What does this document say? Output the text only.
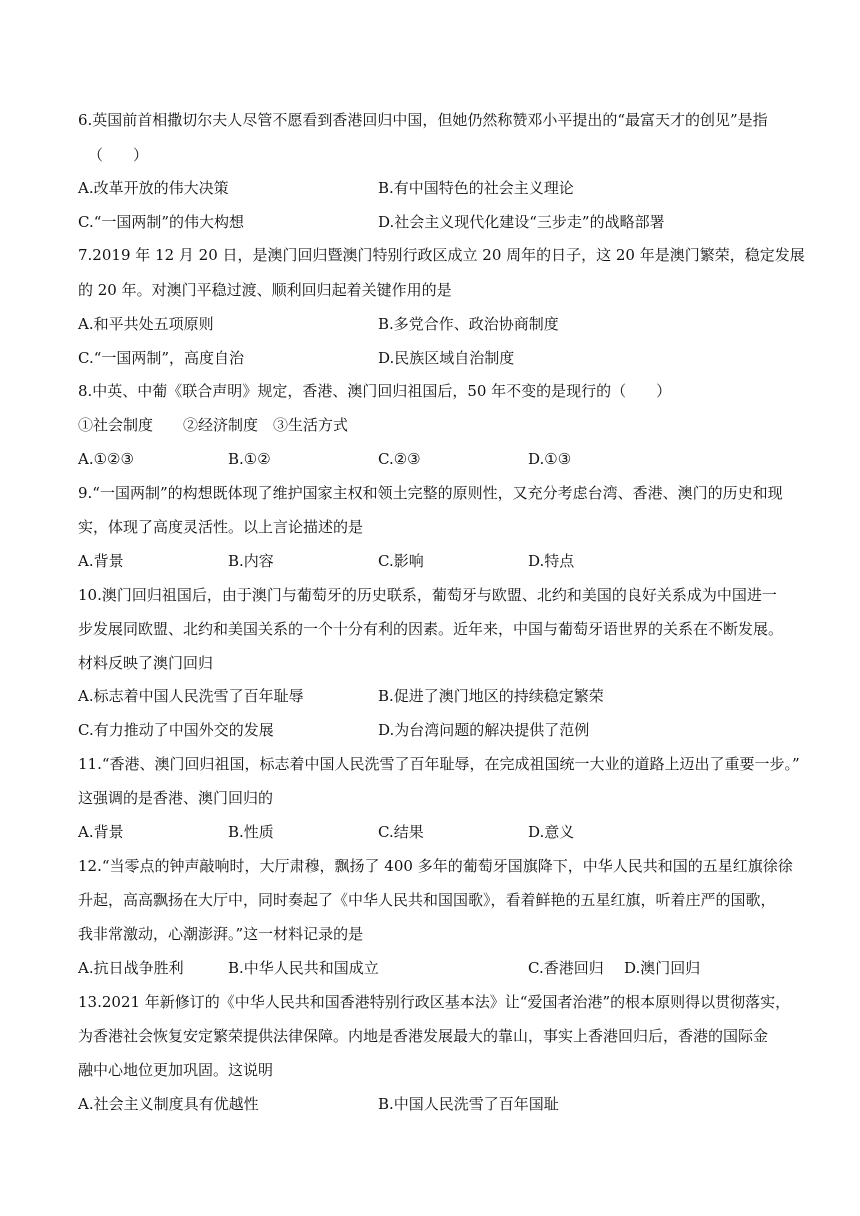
6.英国前首相撒切尔夫人尽管不愿看到香港回归中国，但她仍然称赞邓小平提出的“最富天才的创见”是指
（　　）
A.改革开放的伟大决策	B.有中国特色的社会主义理论
C.“一国两制”的伟大构想	D.社会主义现代化建设“三步走”的战略部署
7.2019 年 12 月 20 日，是澳门回归暨澳门特别行政区成立 20 周年的日子，这 20 年是澳门繁荣，稳定发展
的 20 年。对澳门平稳过渡、顺利回归起着关键作用的是
A.和平共处五项原则	B.多党合作、政治协商制度
C.“一国两制”，高度自治	D.民族区域自治制度
8.中英、中葡《联合声明》规定，香港、澳门回归祖国后，50 年不变的是现行的（　　）
①社会制度　　②经济制度　③生活方式
A.①②③	B.①②	C.②③	D.①③
9.“一国两制”的构想既体现了维护国家主权和领土完整的原则性，又充分考虑台湾、香港、澳门的历史和现
实，体现了高度灵活性。以上言论描述的是
A.背景	B.内容	C.影响	D.特点
10.澳门回归祖国后，由于澳门与葡萄牙的历史联系，葡萄牙与欧盟、北约和美国的良好关系成为中国进一
步发展同欧盟、北约和美国关系的一个十分有利的因素。近年来，中国与葡萄牙语世界的关系在不断发展。
材料反映了澳门回归
A.标志着中国人民洗雪了百年耻辱	B.促进了澳门地区的持续稳定繁荣
C.有力推动了中国外交的发展	D.为台湾问题的解决提供了范例
11.“香港、澳门回归祖国，标志着中国人民洗雪了百年耻辱，在完成祖国统一大业的道路上迈出了重要一步。”
这强调的是香港、澳门回归的
A.背景	B.性质	C.结果	D.意义
12.“当零点的钟声敲响时，大厅肃穆，飘扬了 400 多年的葡萄牙国旗降下，中华人民共和国的五星红旗徐徐
升起，高高飘扬在大厅中，同时奏起了《中华人民共和国国歌》，看着鲜艳的五星红旗，听着庄严的国歌，
我非常激动，心潮澎湃。”这一材料记录的是
A.抗日战争胜利	B.中华人民共和国成立	C.香港回归 D.澳门回归
13.2021 年新修订的《中华人民共和国香港特别行政区基本法》让“爱国者治港”的根本原则得以贯彻落实，
为香港社会恢复安定繁荣提供法律保障。内地是香港发展最大的靠山，事实上香港回归后，香港的国际金
融中心地位更加巩固。这说明
A.社会主义制度具有优越性	B.中国人民洗雪了百年国耻
